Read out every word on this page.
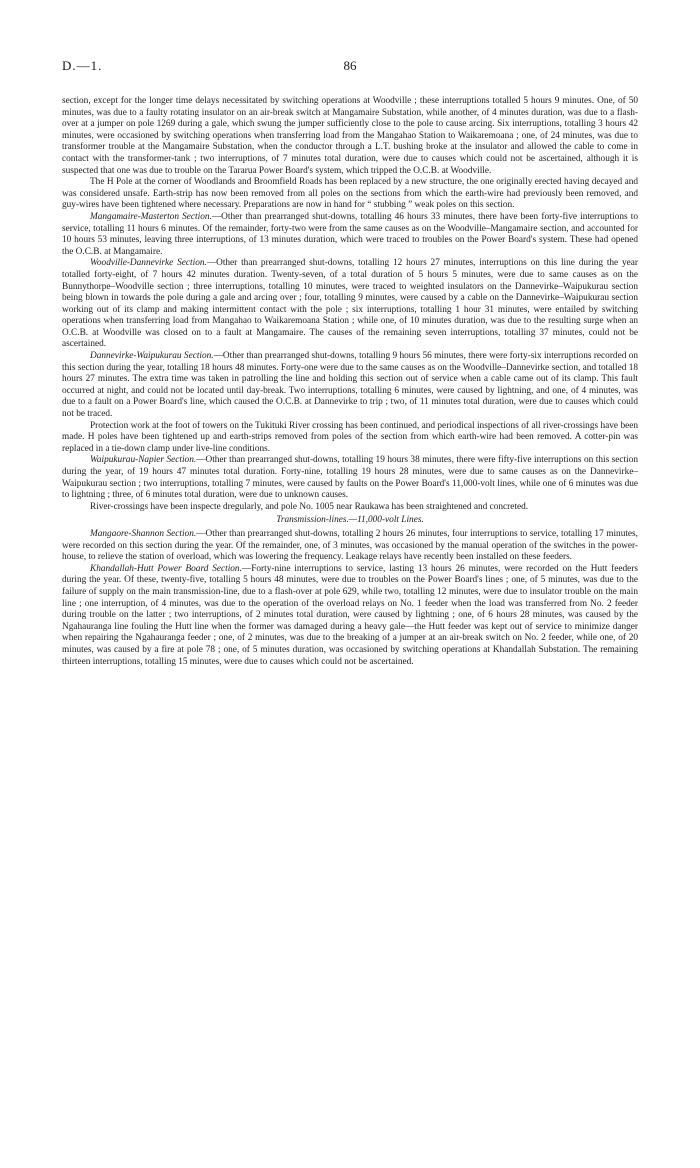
D.—1.	86

section, except for the longer time delays necessitated by switching operations at Woodville ; these interruptions totalled 5 hours 9 minutes. One, of 50 minutes, was due to a faulty rotating insulator on an air-break switch at Mangamaire Substation, while another, of 4 minutes duration, was due to a flash-over at a jumper on pole 1269 during a gale, which swung the jumper sufficiently close to the pole to cause arcing. Six interruptions, totalling 3 hours 42 minutes, were occasioned by switching operations when transferring load from the Mangahao Station to Waikaremoana ; one, of 24 minutes, was due to transformer trouble at the Mangamaire Substation, when the conductor through a L.T. bushing broke at the insulator and allowed the cable to come in contact with the transformer-tank ; two interruptions, of 7 minutes total duration, were due to causes which could not be ascertained, although it is suspected that one was due to trouble on the Tararua Power Board's system, which tripped the O.C.B. at Woodville.

The H Pole at the corner of Woodlands and Broomfield Roads has been replaced by a new structure, the one originally erected having decayed and was considered unsafe. Earth-strip has now been removed from all poles on the sections from which the earth-wire had previously been removed, and guy-wires have been tightened where necessary. Preparations are now in hand for “ stubbing ” weak poles on this section.

Mangamaire-Masterton Section.—Other than prearranged shut-downs, totalling 46 hours 33 minutes, there have been forty-five interruptions to service, totalling 11 hours 6 minutes. Of the remainder, forty-two were from the same causes as on the Woodville–Mangamaire section, and accounted for 10 hours 53 minutes, leaving three interruptions, of 13 minutes duration, which were traced to troubles on the Power Board's system. These had opened the O.C.B. at Mangamaire.

Woodville-Dannevirke Section.—Other than prearranged shut-downs, totalling 12 hours 27 minutes, interruptions on this line during the year totalled forty-eight, of 7 hours 42 minutes duration. Twenty-seven, of a total duration of 5 hours 5 minutes, were due to same causes as on the Bunnythorpe–Woodville section ; three interruptions, totalling 10 minutes, were traced to weighted insulators on the Dannevirke–Waipukurau section being blown in towards the pole during a gale and arcing over ; four, totalling 9 minutes, were caused by a cable on the Dannevirke–Waipukurau section working out of its clamp and making intermittent contact with the pole ; six interruptions, totalling 1 hour 31 minutes, were entailed by switching operations when transferring load from Mangahao to Waikaremoana Station ; while one, of 10 minutes duration, was due to the resulting surge when an O.C.B. at Woodville was closed on to a fault at Mangamaire. The causes of the remaining seven interruptions, totalling 37 minutes, could not be ascertained.

Dannevirke-Waipukurau Section.—Other than prearranged shut-downs, totalling 9 hours 56 minutes, there were forty-six interruptions recorded on this section during the year, totalling 18 hours 48 minutes. Forty-one were due to the same causes as on the Woodville–Dannevirke section, and totalled 18 hours 27 minutes. The extra time was taken in patrolling the line and holding this section out of service when a cable came out of its clamp. This fault occurred at night, and could not be located until day-break. Two interruptions, totalling 6 minutes, were caused by lightning, and one, of 4 minutes, was due to a fault on a Power Board's line, which caused the O.C.B. at Dannevirke to trip ; two, of 11 minutes total duration, were due to causes which could not be traced.

Protection work at the foot of towers on the Tukituki River crossing has been continued, and periodical inspections of all river-crossings have been made. H poles have been tightened up and earth-strips removed from poles of the section from which earth-wire had been removed. A cotter-pin was replaced in a tie-down clamp under live-line conditions.

Waipukurau-Napier Section.—Other than prearranged shut-downs, totalling 19 hours 38 minutes, there were fifty-five interruptions on this section during the year, of 19 hours 47 minutes total duration. Forty-nine, totalling 19 hours 28 minutes, were due to same causes as on the Dannevirke–Waipukurau section ; two interruptions, totalling 7 minutes, were caused by faults on the Power Board's 11,000-volt lines, while one of 6 minutes was due to lightning ; three, of 6 minutes total duration, were due to unknown causes.

River-crossings have been inspecte dregularly, and pole No. 1005 near Raukawa has been straightened and concreted.

Transmission-lines.—11,000-volt Lines.

Mangaore-Shannon Section.—Other than prearranged shut-downs, totalling 2 hours 26 minutes, four interruptions to service, totalling 17 minutes, were recorded on this section during the year. Of the remainder, one, of 3 minutes, was occasioned by the manual operation of the switches in the power-house, to relieve the station of overload, which was lowering the frequency. Leakage relays have recently been installed on these feeders.

Khandallah-Hutt Power Board Section.—Forty-nine interruptions to service, lasting 13 hours 26 minutes, were recorded on the Hutt feeders during the year. Of these, twenty-five, totalling 5 hours 48 minutes, were due to troubles on the Power Board's lines ; one, of 5 minutes, was due to the failure of supply on the main transmission-line, due to a flash-over at pole 629, while two, totalling 12 minutes, were due to insulator trouble on the main line ; one interruption, of 4 minutes, was due to the operation of the overload relays on No. 1 feeder when the load was transferred from No. 2 feeder during trouble on the latter ; two interruptions, of 2 minutes total duration, were caused by lightning ; one, of 6 hours 28 minutes, was caused by the Ngahauranga line fouling the Hutt line when the former was damaged during a heavy gale—the Hutt feeder was kept out of service to minimize danger when repairing the Ngahauranga feeder ; one, of 2 minutes, was due to the breaking of a jumper at an air-break switch on No. 2 feeder, while one, of 20 minutes, was caused by a fire at pole 78 ; one, of 5 minutes duration, was occasioned by switching operations at Khandallah Substation. The remaining thirteen interruptions, totalling 15 minutes, were due to causes which could not be ascertained.
